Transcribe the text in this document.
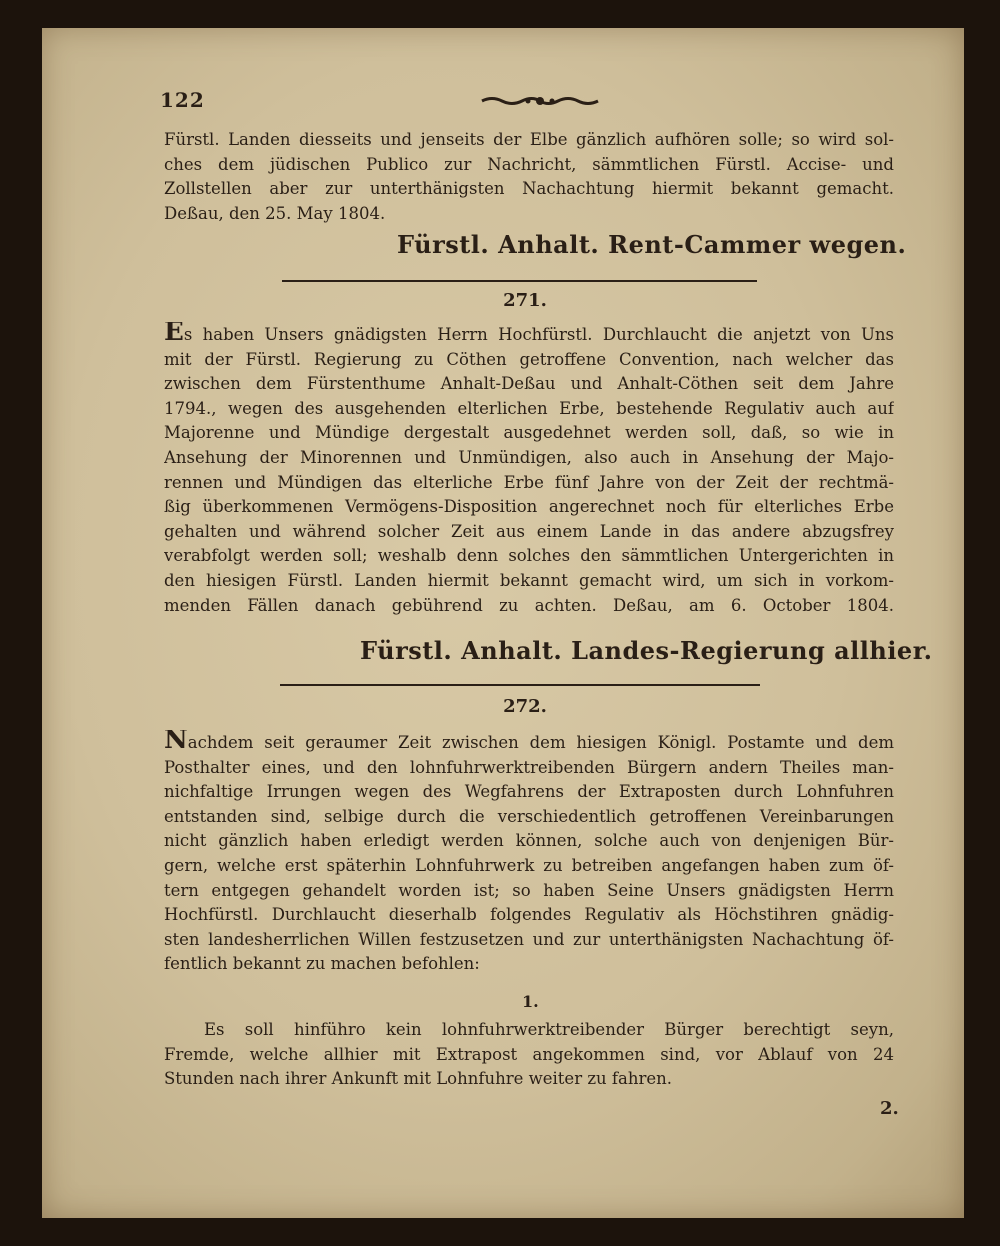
122
Fürstl. Landen diesseits und jenseits der Elbe gänzlich aufhören solle; so wird sol-
ches dem jüdischen Publico zur Nachricht, sämmtlichen Fürstl. Accise- und
Zollstellen aber zur unterthänigsten Nachachtung hiermit bekannt gemacht.
Deßau, den 25. May 1804.
Fürstl. Anhalt. Rent-Cammer wegen.
271.
Es haben Unsers gnädigsten Herrn Hochfürstl. Durchlaucht die anjetzt von Uns
mit der Fürstl. Regierung zu Cöthen getroffene Convention, nach welcher das
zwischen dem Fürstenthume Anhalt-Deßau und Anhalt-Cöthen seit dem Jahre
1794., wegen des ausgehenden elterlichen Erbe, bestehende Regulativ auch auf
Majorenne und Mündige dergestalt ausgedehnet werden soll, daß, so wie in
Ansehung der Minorennen und Unmündigen, also auch in Ansehung der Majo-
rennen und Mündigen das elterliche Erbe fünf Jahre von der Zeit der rechtmä-
ßig überkommenen Vermögens-Disposition angerechnet noch für elterliches Erbe
gehalten und während solcher Zeit aus einem Lande in das andere abzugsfrey
verabfolgt werden soll; weshalb denn solches den sämmtlichen Untergerichten in
den hiesigen Fürstl. Landen hiermit bekannt gemacht wird, um sich in vorkom-
menden Fällen danach gebührend zu achten. Deßau, am 6. October 1804.
Fürstl. Anhalt. Landes-Regierung allhier.
272.
Nachdem seit geraumer Zeit zwischen dem hiesigen Königl. Postamte und dem
Posthalter eines, und den lohnfuhrwerktreibenden Bürgern andern Theiles man-
nichfaltige Irrungen wegen des Wegfahrens der Extraposten durch Lohnfuhren
entstanden sind, selbige durch die verschiedentlich getroffenen Vereinbarungen
nicht gänzlich haben erledigt werden können, solche auch von denjenigen Bür-
gern, welche erst späterhin Lohnfuhrwerk zu betreiben angefangen haben zum öf-
tern entgegen gehandelt worden ist; so haben Seine Unsers gnädigsten Herrn
Hochfürstl. Durchlaucht dieserhalb folgendes Regulativ als Höchstihren gnädig-
sten landesherrlichen Willen festzusetzen und zur unterthänigsten Nachachtung öf-
fentlich bekannt zu machen befohlen:
1.
Es soll hinführo kein lohnfuhrwerktreibender Bürger berechtigt seyn,
Fremde, welche allhier mit Extrapost angekommen sind, vor Ablauf von 24
Stunden nach ihrer Ankunft mit Lohnfuhre weiter zu fahren.
2.
